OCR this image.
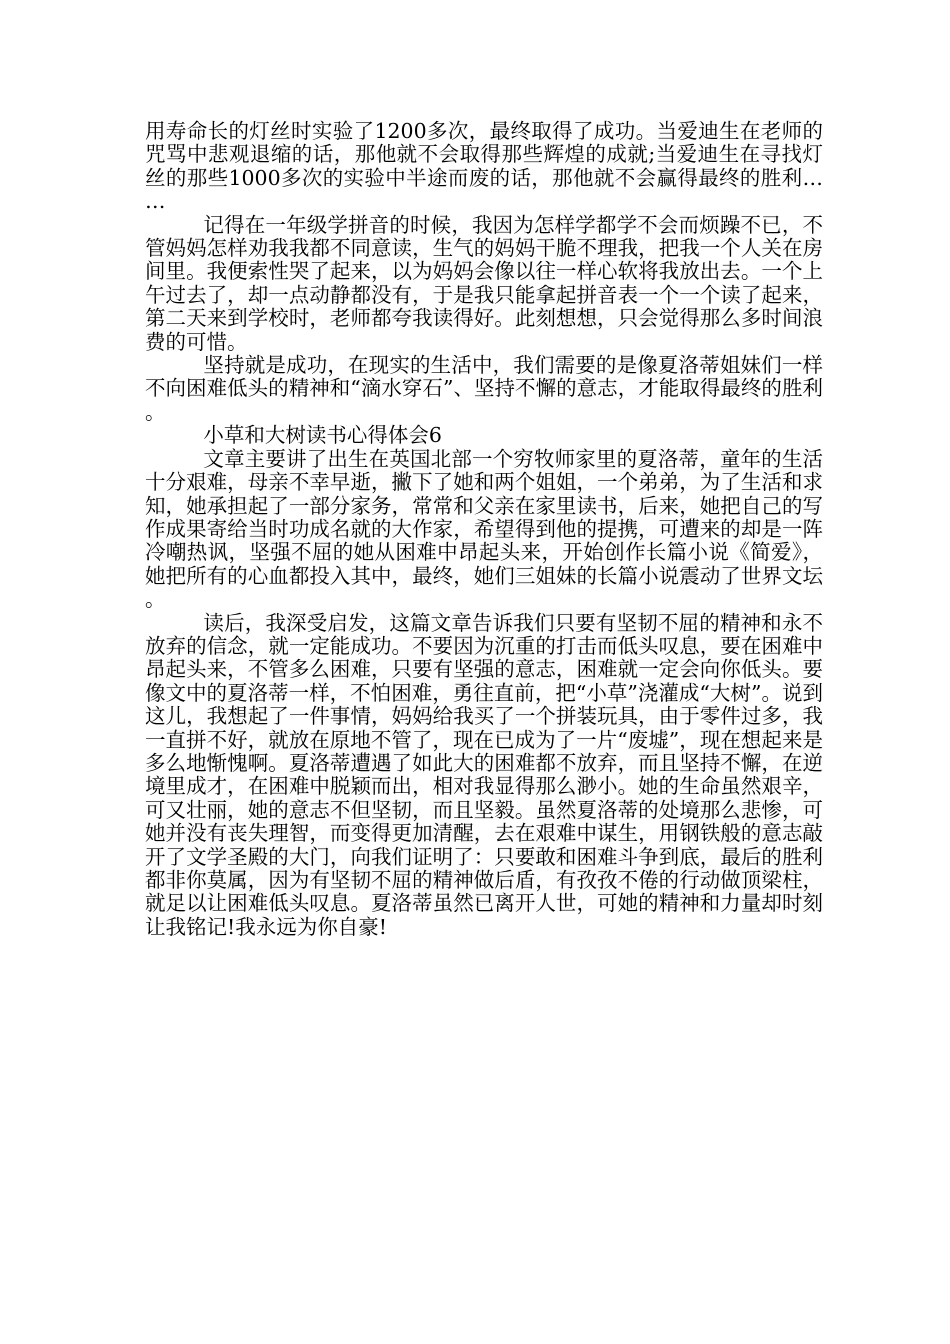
用寿命长的灯丝时实验了1200多次，最终取得了成功。当爱迪生在老师的咒骂中悲观退缩的话，那他就不会取得那些辉煌的成就;当爱迪生在寻找灯丝的那些1000多次的实验中半途而废的话，那他就不会赢得最终的胜利……

记得在一年级学拼音的时候，我因为怎样学都学不会而烦躁不已，不管妈妈怎样劝我我都不同意读，生气的妈妈干脆不理我，把我一个人关在房间里。我便索性哭了起来，以为妈妈会像以往一样心软将我放出去。一个上午过去了，却一点动静都没有，于是我只能拿起拼音表一个一个读了起来，第二天来到学校时，老师都夸我读得好。此刻想想，只会觉得那么多时间浪费的可惜。

坚持就是成功，在现实的生活中，我们需要的是像夏洛蒂姐妹们一样不向困难低头的精神和“滴水穿石”、坚持不懈的意志，才能取得最终的胜利。

小草和大树读书心得体会6

文章主要讲了出生在英国北部一个穷牧师家里的夏洛蒂，童年的生活十分艰难，母亲不幸早逝，撇下了她和两个姐姐，一个弟弟，为了生活和求知，她承担起了一部分家务，常常和父亲在家里读书，后来，她把自己的写作成果寄给当时功成名就的大作家，希望得到他的提携，可遭来的却是一阵冷嘲热讽，坚强不屈的她从困难中昂起头来，开始创作长篇小说《简爱》，她把所有的心血都投入其中，最终，她们三姐妹的长篇小说震动了世界文坛。

读后，我深受启发，这篇文章告诉我们只要有坚韧不屈的精神和永不放弃的信念，就一定能成功。不要因为沉重的打击而低头叹息，要在困难中昂起头来，不管多么困难，只要有坚强的意志，困难就一定会向你低头。要像文中的夏洛蒂一样，不怕困难，勇往直前，把“小草”浇灌成“大树”。说到这儿，我想起了一件事情，妈妈给我买了一个拼装玩具，由于零件过多，我一直拼不好，就放在原地不管了，现在已成为了一片“废墟”，现在想起来是多么地惭愧啊。夏洛蒂遭遇了如此大的困难都不放弃，而且坚持不懈，在逆境里成才，在困难中脱颖而出，相对我显得那么渺小。她的生命虽然艰辛，可又壮丽，她的意志不但坚韧，而且坚毅。虽然夏洛蒂的处境那么悲惨，可她并没有丧失理智，而变得更加清醒，去在艰难中谋生，用钢铁般的意志敲开了文学圣殿的大门，向我们证明了：只要敢和困难斗争到底，最后的胜利都非你莫属，因为有坚韧不屈的精神做后盾，有孜孜不倦的行动做顶梁柱，就足以让困难低头叹息。夏洛蒂虽然已离开人世，可她的精神和力量却时刻让我铭记!我永远为你自豪!
